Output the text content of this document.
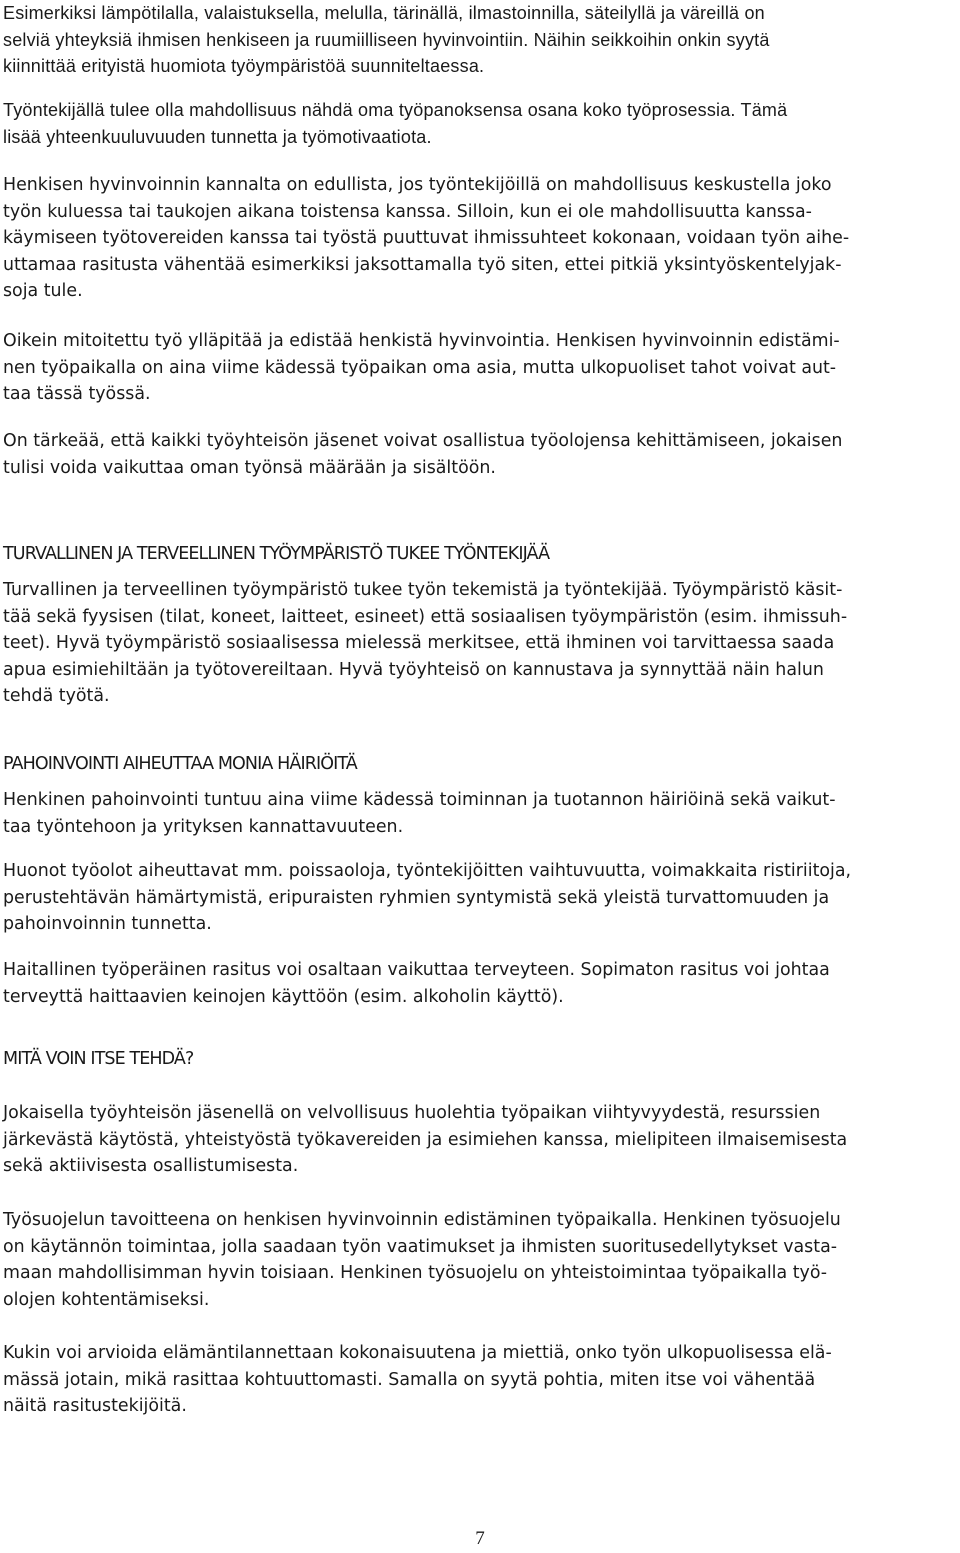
Esimerkiksi lämpötilalla, valaistuksella, melulla, tärinällä, ilmastoinnilla, säteilyllä ja väreillä on
selviä yhteyksiä ihmisen henkiseen ja ruumiilliseen hyvinvointiin. Näihin seikkoihin onkin syytä
kiinnittää erityistä huomiota työympäristöä suunniteltaessa.
Työntekijällä tulee olla mahdollisuus nähdä oma työpanoksensa osana koko työprosessia. Tämä
lisää yhteenkuuluvuuden tunnetta ja työmotivaatiota.
Henkisen hyvinvoinnin kannalta on edullista, jos työntekijöillä on mahdollisuus keskustella joko
työn kuluessa tai taukojen aikana toistensa kanssa. Silloin, kun ei ole mahdollisuutta kanssa-
käymiseen työtovereiden kanssa tai työstä puuttuvat ihmissuhteet kokonaan, voidaan työn aihe-
uttamaa rasitusta vähentää esimerkiksi jaksottamalla työ siten, ettei pitkiä yksintyöskentelyjak-
soja tule.
Oikein mitoitettu työ ylläpitää ja edistää henkistä hyvinvointia. Henkisen hyvinvoinnin edistämi-
nen työpaikalla on aina viime kädessä työpaikan oma asia, mutta ulkopuoliset tahot voivat aut-
taa tässä työssä.
On tärkeää, että kaikki työyhteisön jäsenet voivat osallistua työolojensa kehittämiseen, jokaisen
tulisi voida vaikuttaa oman työnsä määrään ja sisältöön.
TURVALLINEN JA TERVEELLINEN TYÖYMPÄRISTÖ TUKEE TYÖNTEKIJÄÄ
Turvallinen ja terveellinen työympäristö tukee työn tekemistä ja työntekijää. Työympäristö käsit-
tää sekä fyysisen (tilat, koneet, laitteet, esineet) että sosiaalisen työympäristön (esim. ihmissuh-
teet). Hyvä työympäristö sosiaalisessa mielessä merkitsee, että ihminen voi tarvittaessa saada
apua esimiehiltään ja työtovereiltaan. Hyvä työyhteisö on kannustava ja synnyttää näin halun
tehdä työtä.
PAHOINVOINTI AIHEUTTAA MONIA HÄIRIÖITÄ
Henkinen pahoinvointi tuntuu aina viime kädessä toiminnan ja tuotannon häiriöinä sekä vaikut-
taa työntehoon ja yrityksen kannattavuuteen.
Huonot työolot aiheuttavat mm. poissaoloja, työntekijöitten vaihtuvuutta, voimakkaita ristiriitoja,
perustehtävän hämärtymistä, eripuraisten ryhmien syntymistä sekä yleistä turvattomuuden ja
pahoinvoinnin tunnetta.
Haitallinen työperäinen rasitus voi osaltaan vaikuttaa terveyteen. Sopimaton rasitus voi johtaa
terveyttä haittaavien keinojen käyttöön (esim. alkoholin käyttö).
MITÄ VOIN ITSE TEHDÄ?
Jokaisella työyhteisön jäsenellä on velvollisuus huolehtia työpaikan viihtyvyydestä, resurssien
järkevästä käytöstä, yhteistyöstä työkavereiden ja esimiehen kanssa, mielipiteen ilmaisemisesta
sekä aktiivisesta osallistumisesta.
Työsuojelun tavoitteena on henkisen hyvinvoinnin edistäminen työpaikalla. Henkinen työsuojelu
on käytännön toimintaa, jolla saadaan työn vaatimukset ja ihmisten suoritusedellytykset vasta-
maan mahdollisimman hyvin toisiaan. Henkinen työsuojelu on yhteistoimintaa työpaikalla työ-
olojen kohtentämiseksi.
Kukin voi arvioida elämäntilannettaan kokonaisuutena ja miettiä, onko työn ulkopuolisessa elä-
mässä jotain, mikä rasittaa kohtuuttomasti. Samalla on syytä pohtia, miten itse voi vähentää
näitä rasitustekijöitä.
7
